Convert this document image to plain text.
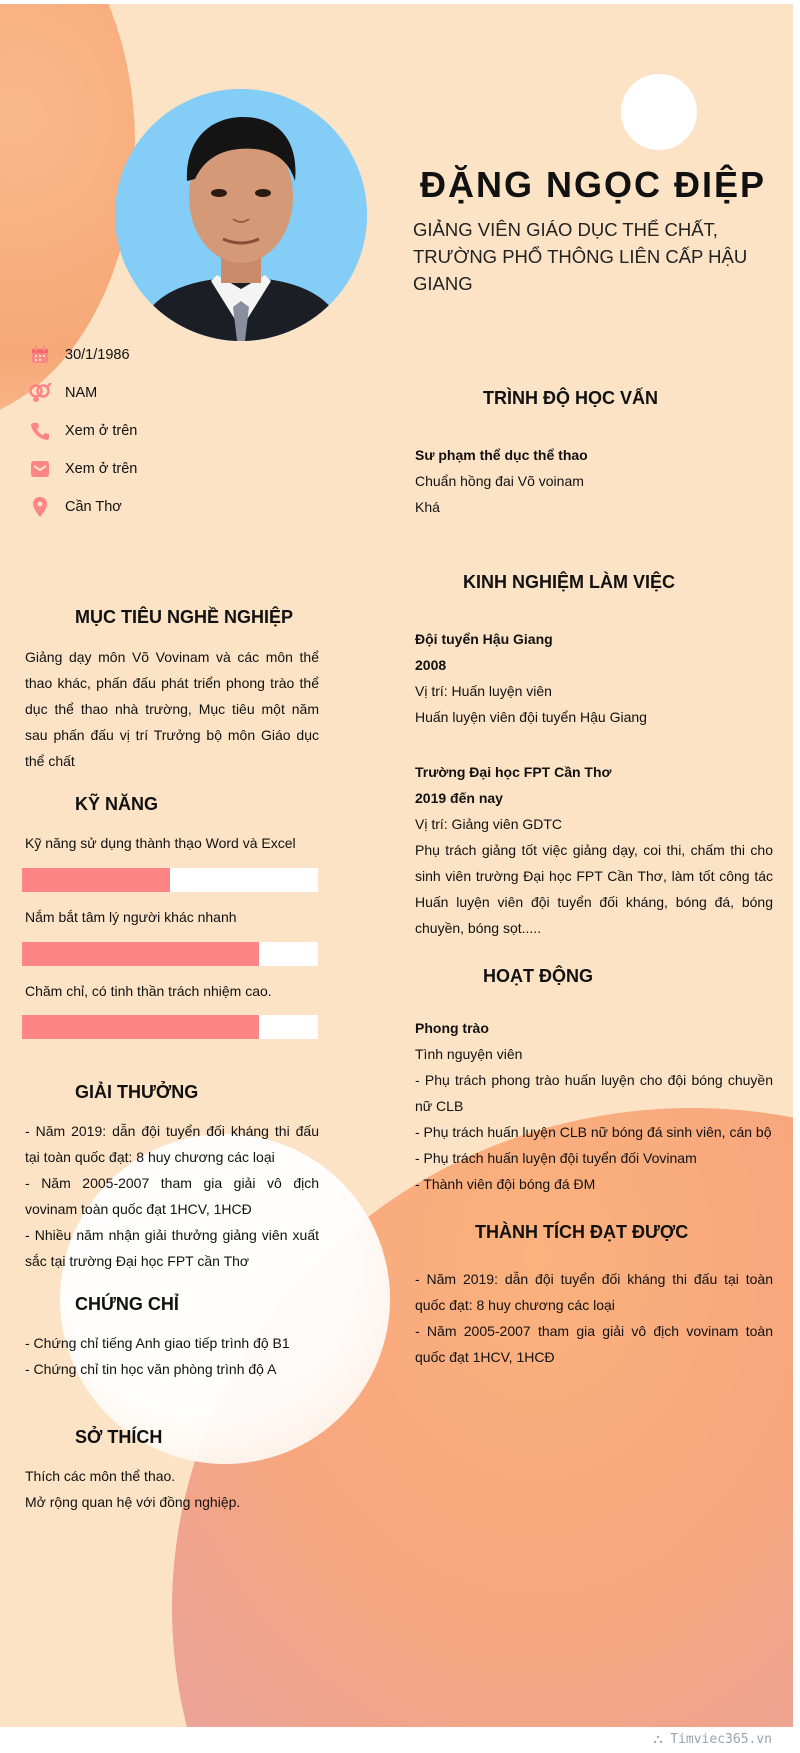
ĐẶNG NGỌC ĐIỆP
GIẢNG VIÊN GIÁO DỤC THỂ CHẤT, TRƯỜNG PHỔ THÔNG LIÊN CẤP HẬU GIANG
30/1/1986
NAM
Xem ở trên
Xem ở trên
Cần Thơ
MỤC TIÊU NGHỀ NGHIỆP
Giảng dạy môn Võ Vovinam và các môn thể thao khác, phấn đấu phát triển phong trào thể dục thể thao nhà trường, Mục tiêu một năm sau phấn đấu vị trí Trưởng bộ môn Giáo dục thể chất
KỸ NĂNG
Kỹ năng sử dụng thành thạo Word và Excel
Nắm bắt tâm lý người khác nhanh
Chăm chỉ, có tinh thần trách nhiệm cao.
GIẢI THƯỞNG

- Năm 2019: dẫn đội tuyển đối kháng thi đấu tại toàn quốc đạt: 8 huy chương các loại

- Năm 2005-2007 tham gia giải vô địch vovinam toàn quốc đạt 1HCV, 1HCĐ

- Nhiều năm nhận giải thưởng giảng viên xuất sắc tại trường Đại học FPT cần Thơ

CHỨNG CHỈ

- Chứng chỉ tiếng Anh giao tiếp trình độ B1

- Chứng chỉ tin học văn phòng trình độ A

SỞ THÍCH

Thích các môn thể thao.

Mở rộng quan hệ với đồng nghiệp.

TRÌNH ĐỘ HỌC VẤN

Sư phạm thể dục thể thao

Chuẩn hồng đai Võ voinam

Khá

KINH NGHIỆM LÀM VIỆC

Đội tuyển Hậu Giang

2008

Vị trí: Huấn luyện viên

Huấn luyện viên đội tuyển Hậu Giang

Trường Đại học FPT Cần Thơ

2019 đến nay

Vị trí: Giảng viên GDTC

Phụ trách giảng tốt việc giảng dạy, coi thi, chấm thi cho sinh viên trường Đại học FPT Cần Thơ, làm tốt công tác Huấn luyện viên đội tuyển đối kháng, bóng đá, bóng chuyền, bóng sọt.....

HOẠT ĐỘNG

Phong trào

Tình nguyện viên

- Phụ trách phong trào huấn luyện cho đội bóng chuyền nữ CLB

- Phụ trách huấn luyện CLB nữ bóng đá sinh viên, cán bộ

- Phụ trách huấn luyện đội tuyển đối Vovinam

- Thành viên đội bóng đá ĐM

THÀNH TÍCH ĐẠT ĐƯỢC

- Năm 2019: dẫn đội tuyển đối kháng thi đấu tại toàn quốc đạt: 8 huy chương các loại

- Năm 2005-2007 tham gia giải vô địch vovinam toàn quốc đạt 1HCV, 1HCĐ

⛬ Timviec365.vn
